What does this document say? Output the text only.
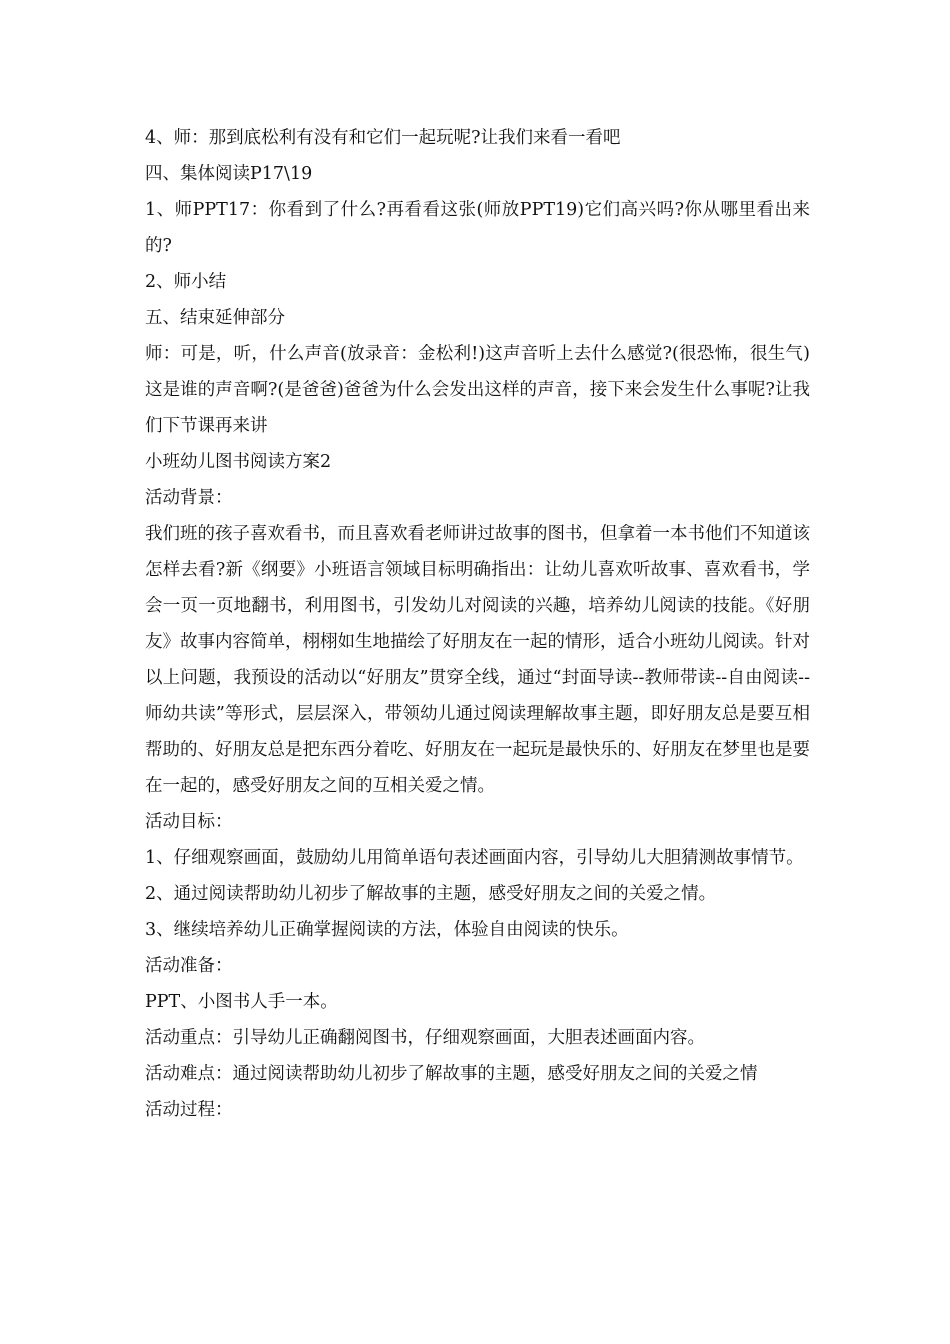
4、师：那到底松利有没有和它们一起玩呢?让我们来看一看吧

四、集体阅读P17\19

1、师PPT17：你看到了什么?再看看这张(师放PPT19)它们高兴吗?你从哪里看出来的?

2、师小结

五、结束延伸部分

师：可是，听，什么声音(放录音：金松利!)这声音听上去什么感觉?(很恐怖，很生气)这是谁的声音啊?(是爸爸)爸爸为什么会发出这样的声音，接下来会发生什么事呢?让我们下节课再来讲

小班幼儿图书阅读方案2

活动背景：

我们班的孩子喜欢看书，而且喜欢看老师讲过故事的图书，但拿着一本书他们不知道该怎样去看?新《纲要》小班语言领域目标明确指出：让幼儿喜欢听故事、喜欢看书，学会一页一页地翻书，利用图书，引发幼儿对阅读的兴趣，培养幼儿阅读的技能。《好朋友》故事内容简单，栩栩如生地描绘了好朋友在一起的情形，适合小班幼儿阅读。针对以上问题，我预设的活动以“好朋友”贯穿全线，通过“封面导读--教师带读--自由阅读--师幼共读”等形式，层层深入，带领幼儿通过阅读理解故事主题，即好朋友总是要互相帮助的、好朋友总是把东西分着吃、好朋友在一起玩是最快乐的、好朋友在梦里也是要在一起的，感受好朋友之间的互相关爱之情。

活动目标：

1、仔细观察画面，鼓励幼儿用简单语句表述画面内容，引导幼儿大胆猜测故事情节。

2、通过阅读帮助幼儿初步了解故事的主题，感受好朋友之间的关爱之情。

3、继续培养幼儿正确掌握阅读的方法，体验自由阅读的快乐。

活动准备：

PPT、小图书人手一本。

活动重点：引导幼儿正确翻阅图书，仔细观察画面，大胆表述画面内容。

活动难点：通过阅读帮助幼儿初步了解故事的主题，感受好朋友之间的关爱之情

活动过程：
